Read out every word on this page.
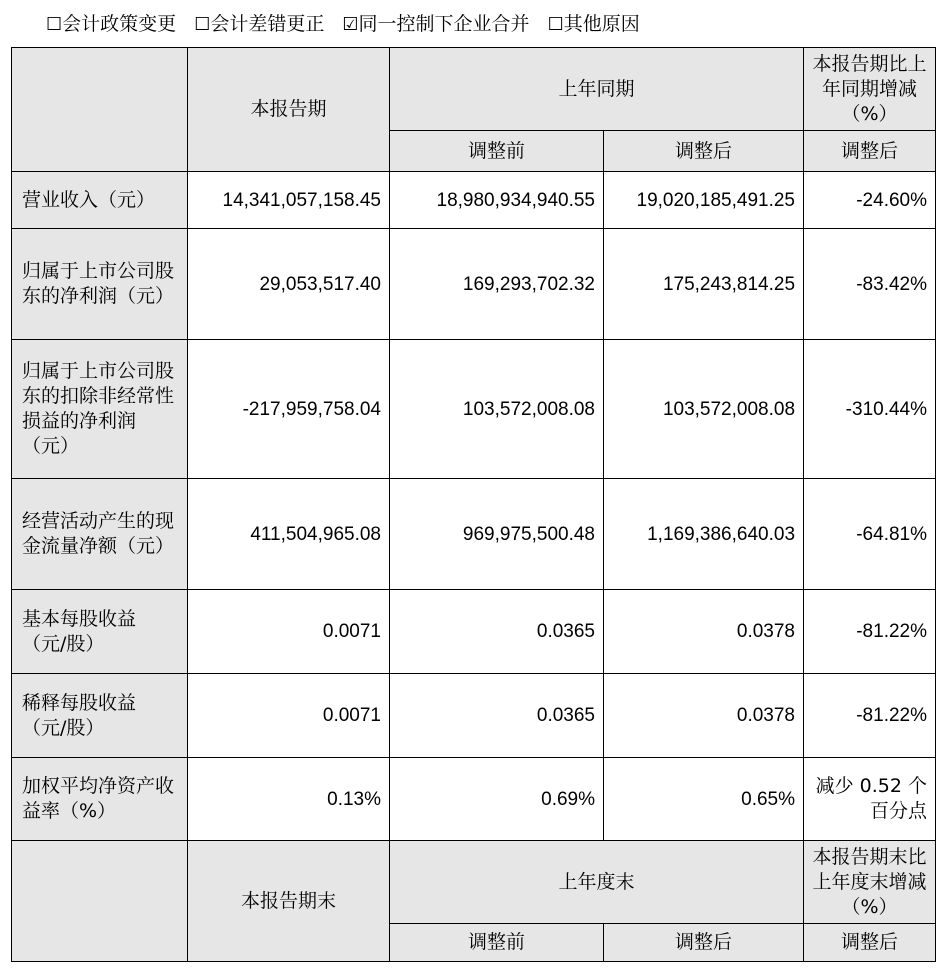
☐会计政策变更 ☐会计差错更正 ☑同一控制下企业合并 ☐其他原因
	本报告期	上年同期		本报告期比上年同期增减（%）
		调整前	调整后	调整后
营业收入（元）	14,341,057,158.45	18,980,934,940.55	19,020,185,491.25	-24.60%
归属于上市公司股东的净利润（元）	29,053,517.40	169,293,702.32	175,243,814.25	-83.42%
归属于上市公司股东的扣除非经常性损益的净利润（元）	-217,959,758.04	103,572,008.08	103,572,008.08	-310.44%
经营活动产生的现金流量净额（元）	411,504,965.08	969,975,500.48	1,169,386,640.03	-64.81%
基本每股收益（元/股）	0.0071	0.0365	0.0378	-81.22%
稀释每股收益（元/股）	0.0071	0.0365	0.0378	-81.22%
加权平均净资产收益率（%）	0.13%	0.69%	0.65%	减少 0.52 个百分点
	本报告期末	上年度末		本报告期末比上年度末增减（%）
		调整前	调整后	调整后
